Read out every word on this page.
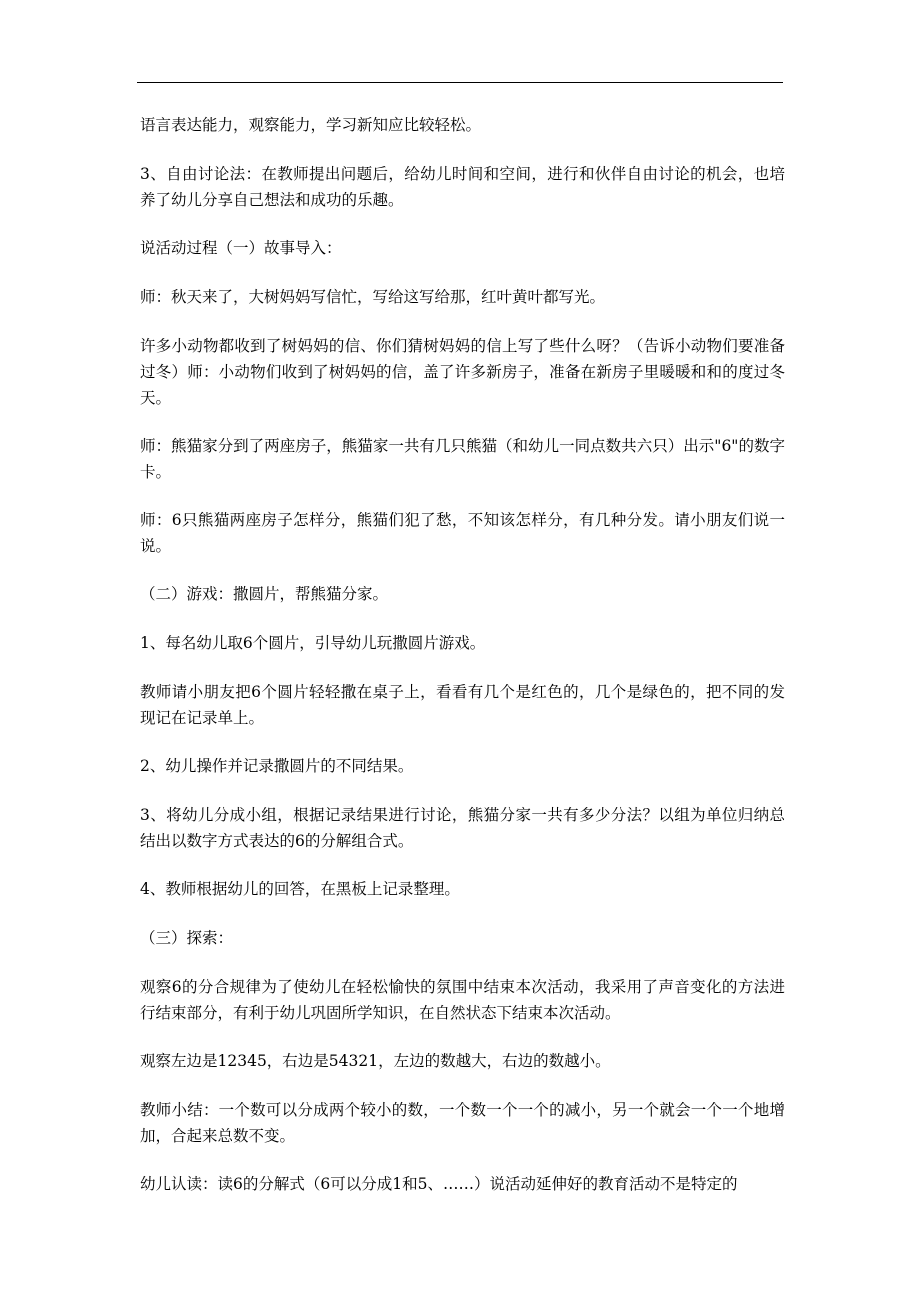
语言表达能力，观察能力，学习新知应比较轻松。

3、自由讨论法：在教师提出问题后，给幼儿时间和空间，进行和伙伴自由讨论的机会，也培养了幼儿分享自己想法和成功的乐趣。

说活动过程（一）故事导入：

师：秋天来了，大树妈妈写信忙，写给这写给那，红叶黄叶都写光。

许多小动物都收到了树妈妈的信、你们猜树妈妈的信上写了些什么呀？（告诉小动物们要准备过冬）师：小动物们收到了树妈妈的信，盖了许多新房子，准备在新房子里暖暖和和的度过冬天。

师：熊猫家分到了两座房子，熊猫家一共有几只熊猫（和幼儿一同点数共六只）出示"6"的数字卡。

师：6只熊猫两座房子怎样分，熊猫们犯了愁，不知该怎样分，有几种分发。请小朋友们说一说。

（二）游戏：撒圆片，帮熊猫分家。

1、每名幼儿取6个圆片，引导幼儿玩撒圆片游戏。

教师请小朋友把6个圆片轻轻撒在桌子上，看看有几个是红色的，几个是绿色的，把不同的发现记在记录单上。

2、幼儿操作并记录撒圆片的不同结果。

3、将幼儿分成小组，根据记录结果进行讨论，熊猫分家一共有多少分法？以组为单位归纳总结出以数字方式表达的6的分解组合式。

4、教师根据幼儿的回答，在黑板上记录整理。

（三）探索：

观察6的分合规律为了使幼儿在轻松愉快的氛围中结束本次活动，我采用了声音变化的方法进行结束部分，有利于幼儿巩固所学知识，在自然状态下结束本次活动。

观察左边是12345，右边是54321，左边的数越大，右边的数越小。

教师小结：一个数可以分成两个较小的数，一个数一个一个的减小，另一个就会一个一个地增加，合起来总数不变。

幼儿认读：读6的分解式（6可以分成1和5、……）说活动延伸好的教育活动不是特定的
